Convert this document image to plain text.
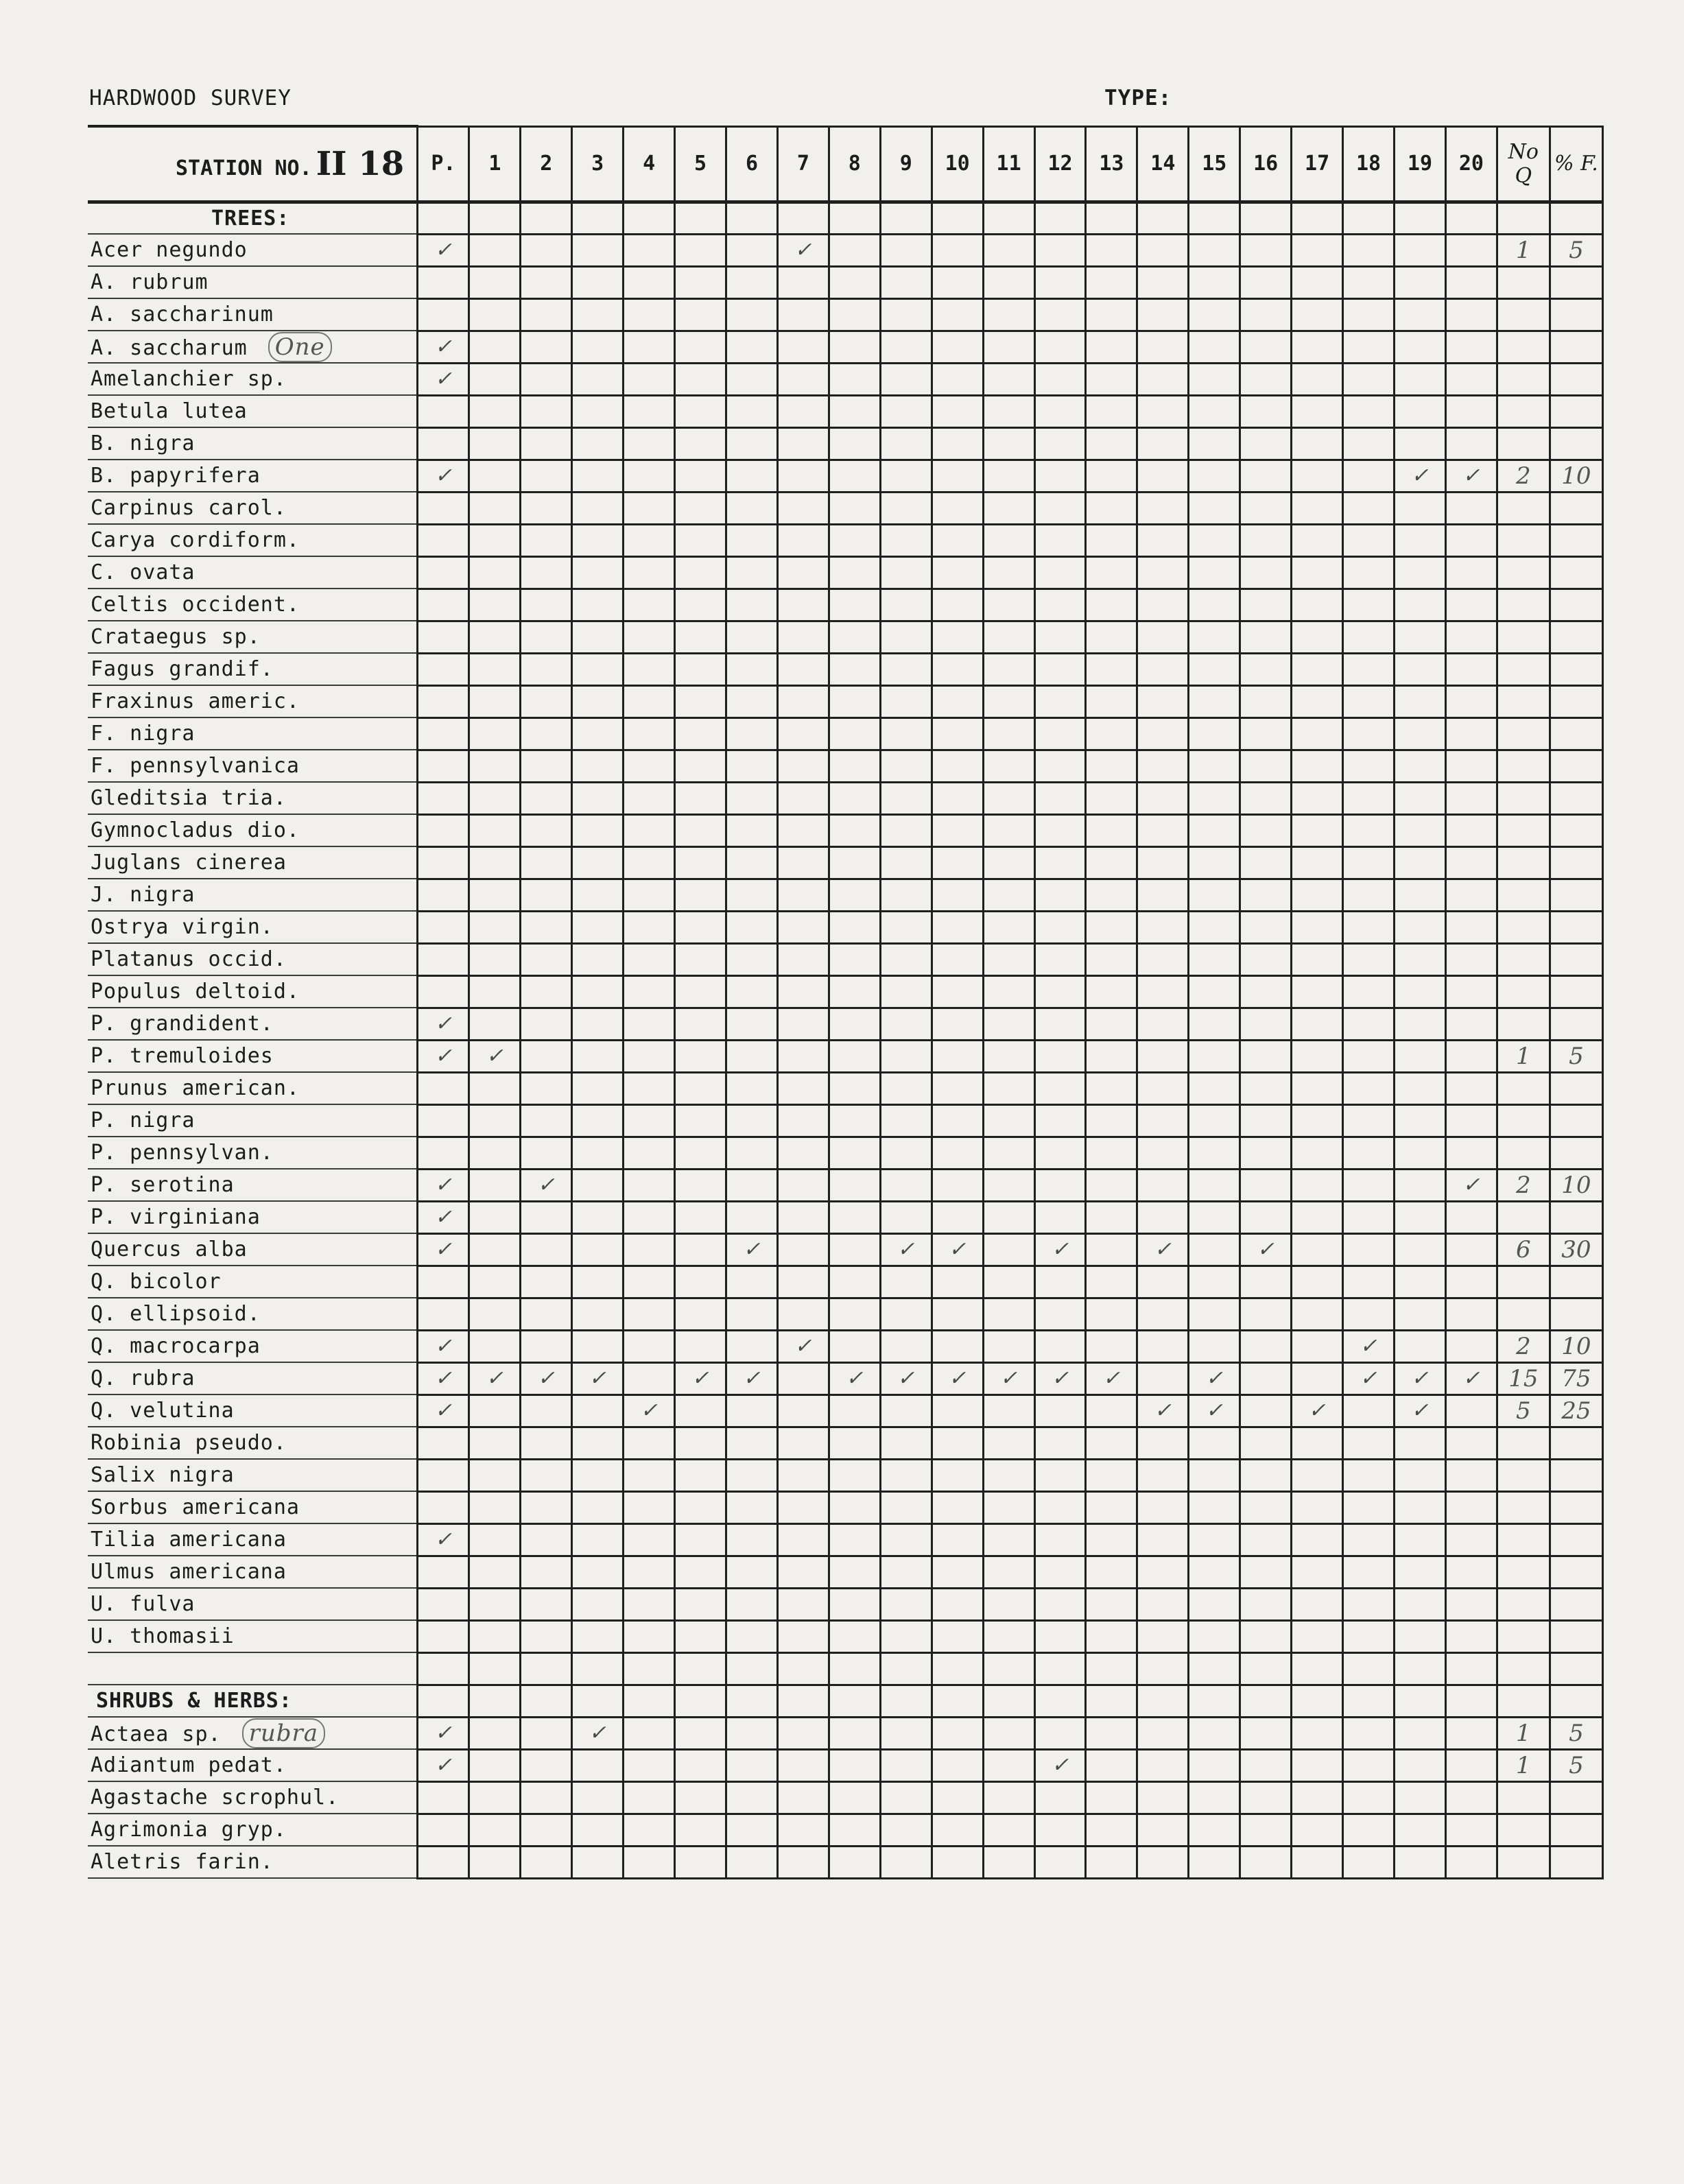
HARDWOOD SURVEY	TYPE:
STATION NO. II 18	P.	1	2	3	4	5	6	7	8	9	10	11	12	13	14	15	16	17	18	19	20	No Q	% F.
TREES:																							
Acer negundo	✓							✓														1	5
A. rubrum																							
A. saccharinum																							
A. saccharum One	✓																						
Amelanchier sp.	✓																						
Betula lutea																							
B. nigra																							
B. papyrifera	✓																			✓	✓	2	10
Carpinus carol.																							
Carya cordiform.																							
C. ovata																							
Celtis occident.																							
Crataegus sp.																							
Fagus grandif.																							
Fraxinus americ.																							
F. nigra																							
F. pennsylvanica																							
Gleditsia tria.																							
Gymnocladus dio.																							
Juglans cinerea																							
J. nigra																							
Ostrya virgin.																							
Platanus occid.																							
Populus deltoid.																							
P. grandident.	✓																						
P. tremuloides	✓	✓																				1	5
Prunus american.																							
P. nigra																							
P. pennsylvan.																							
P. serotina	✓		✓																		✓	2	10
P. virginiana	✓																						
Quercus alba	✓						✓			✓	✓		✓		✓		✓					6	30
Q. bicolor																							
Q. ellipsoid.																							
Q. macrocarpa	✓							✓											✓			2	10
Q. rubra	✓	✓	✓	✓		✓	✓		✓	✓	✓	✓	✓	✓		✓			✓	✓	✓	15	75
Q. velutina	✓				✓										✓	✓		✓		✓		5	25
Robinia pseudo.																							
Salix nigra																							
Sorbus americana																							
Tilia americana	✓																						
Ulmus americana																							
U. fulva																							
U. thomasii																							

SHRUBS & HERBS:																							
Actaea sp. rubra	✓			✓																		1	5
Adiantum pedat.	✓												✓									1	5
Agastache scrophul.																							
Agrimonia gryp.																							
Aletris farin.																							
